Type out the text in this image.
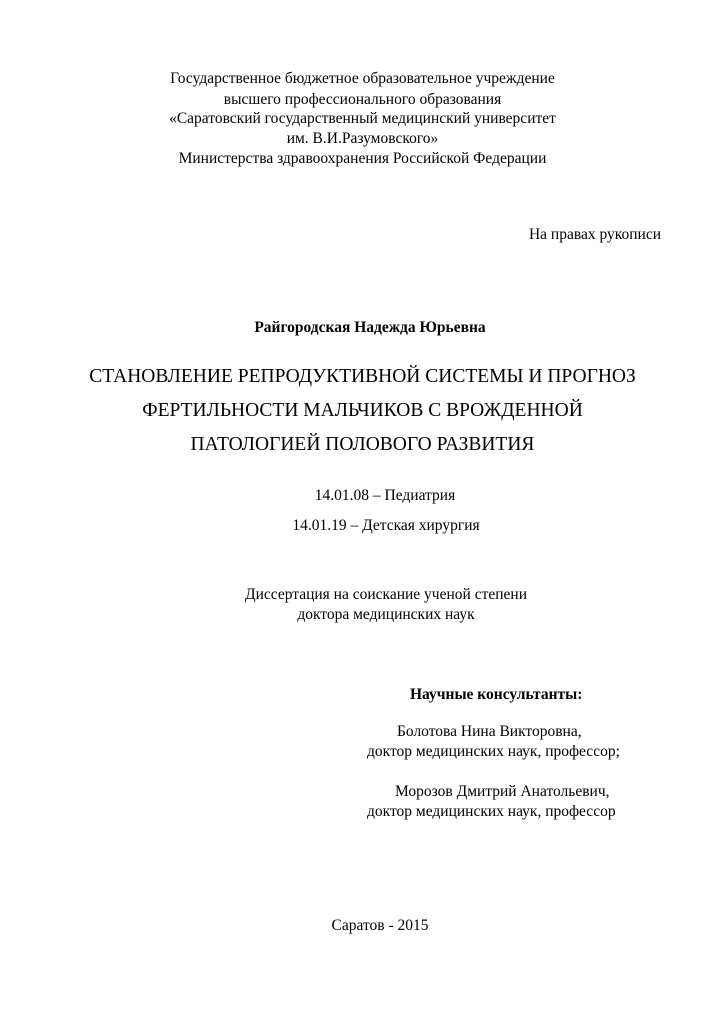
Государственное бюджетное образовательное учреждение
высшего профессионального образования
«Саратовский государственный медицинский университет
им. В.И.Разумовского»
Министерства здравоохранения Российской Федерации
На правах рукописи
Райгородская Надежда Юрьевна
СТАНОВЛЕНИЕ РЕПРОДУКТИВНОЙ СИСТЕМЫ И ПРОГНОЗ
ФЕРТИЛЬНОСТИ МАЛЬЧИКОВ С ВРОЖДЕННОЙ
ПАТОЛОГИЕЙ ПОЛОВОГО РАЗВИТИЯ
14.01.08 – Педиатрия
14.01.19 – Детская хирургия
Диссертация на соискание ученой степени
доктора медицинских наук
Научные консультанты:
Болотова Нина Викторовна,
доктор медицинских наук, профессор;
Морозов Дмитрий Анатольевич,
доктор медицинских наук, профессор
Саратов - 2015
